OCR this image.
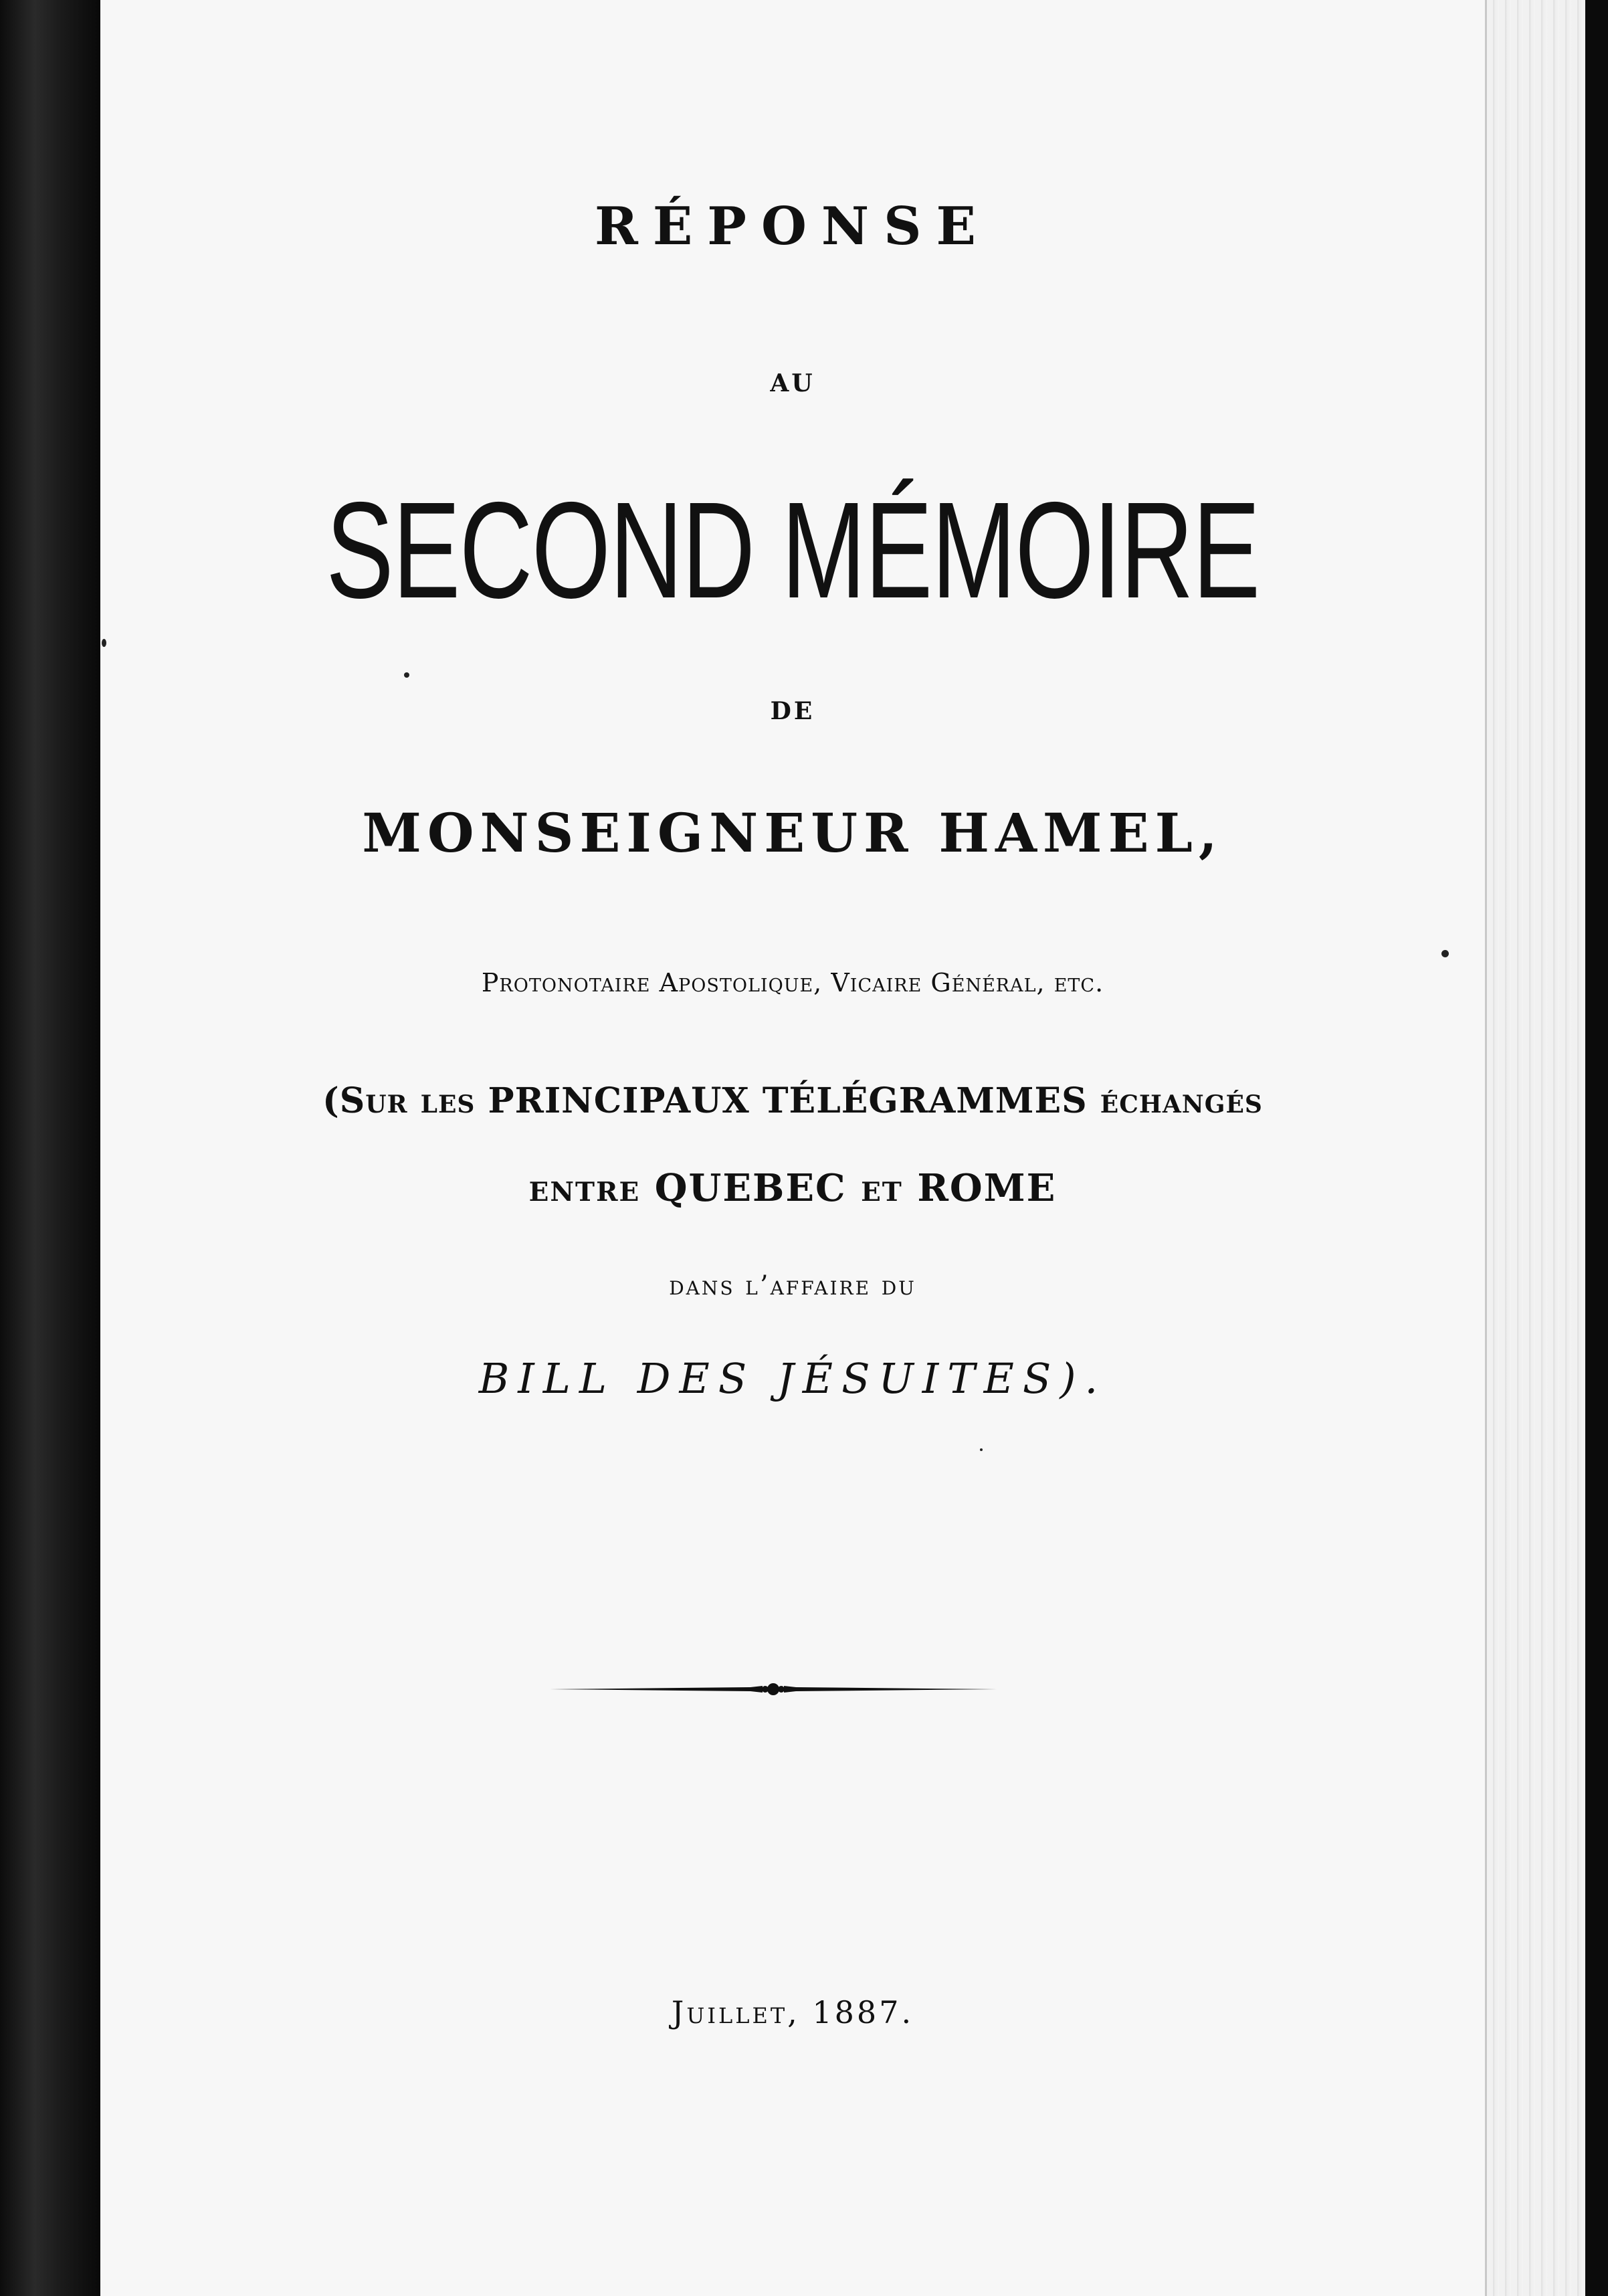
RÉPONSE
AU
SECOND MÉMOIRE
DE
MONSEIGNEUR HAMEL,
Protonotaire Apostolique, Vicaire Général, etc.
(Sur les PRINCIPAUX TÉLÉGRAMMES échangés
entre QUEBEC et ROME
dans l’affaire du
BILL DES JÉSUITES).
Juillet, 1887.
